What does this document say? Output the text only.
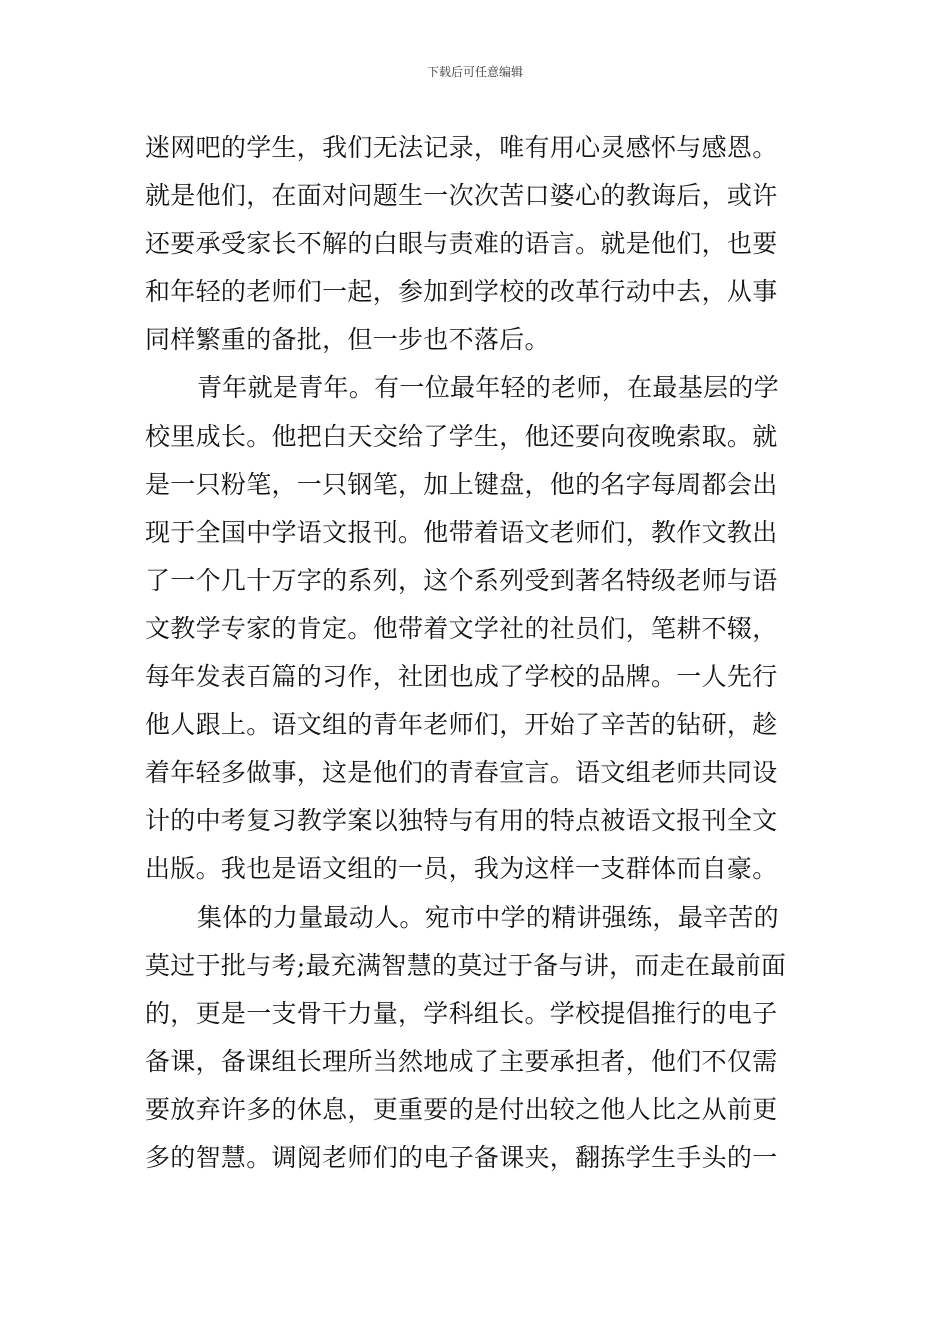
下载后可任意编辑
迷网吧的学生，我们无法记录，唯有用心灵感怀与感恩。
就是他们，在面对问题生一次次苦口婆心的教诲后，或许
还要承受家长不解的白眼与责难的语言。就是他们，也要
和年轻的老师们一起，参加到学校的改革行动中去，从事
同样繁重的备批，但一步也不落后。
青年就是青年。有一位最年轻的老师，在最基层的学
校里成长。他把白天交给了学生，他还要向夜晚索取。就
是一只粉笔，一只钢笔，加上键盘，他的名字每周都会出
现于全国中学语文报刊。他带着语文老师们，教作文教出
了一个几十万字的系列，这个系列受到著名特级老师与语
文教学专家的肯定。他带着文学社的社员们，笔耕不辍，
每年发表百篇的习作，社团也成了学校的品牌。一人先行
他人跟上。语文组的青年老师们，开始了辛苦的钻研，趁
着年轻多做事，这是他们的青春宣言。语文组老师共同设
计的中考复习教学案以独特与有用的特点被语文报刊全文
出版。我也是语文组的一员，我为这样一支群体而自豪。
集体的力量最动人。宛市中学的精讲强练，最辛苦的
莫过于批与考;最充满智慧的莫过于备与讲，而走在最前面
的，更是一支骨干力量，学科组长。学校提倡推行的电子
备课，备课组长理所当然地成了主要承担者，他们不仅需
要放弃许多的休息，更重要的是付出较之他人比之从前更
多的智慧。调阅老师们的电子备课夹，翻拣学生手头的一
